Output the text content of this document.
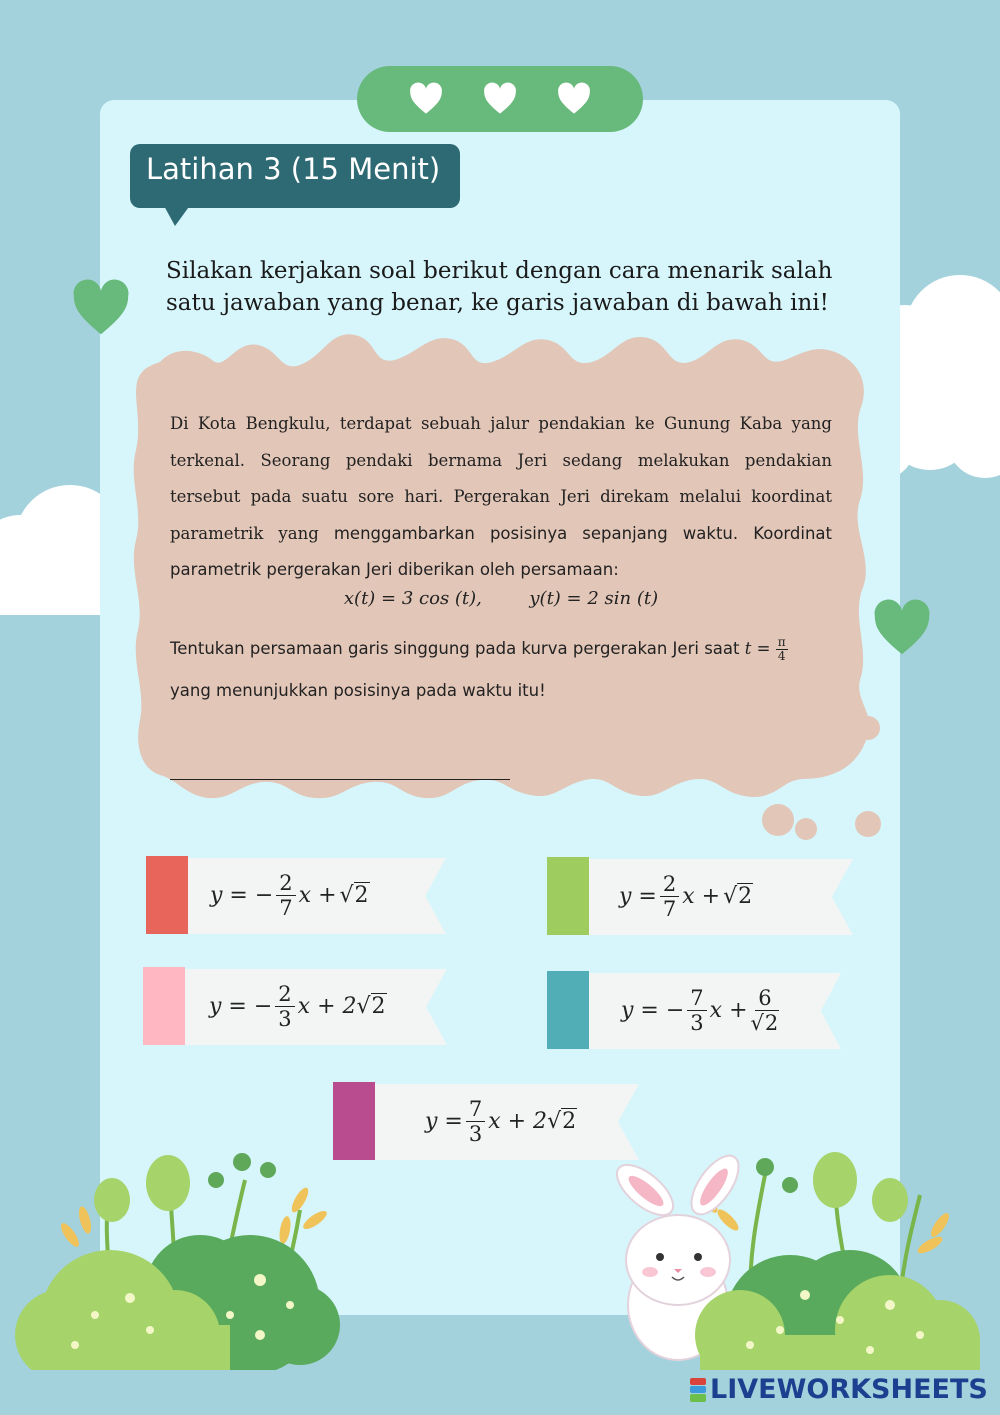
Latihan 3 (15 Menit)

Silakan kerjakan soal berikut dengan cara menarik salah satu jawaban yang benar, ke garis jawaban di bawah ini!

Di Kota Bengkulu, terdapat sebuah jalur pendakian ke Gunung Kaba yang terkenal. Seorang pendaki bernama Jeri sedang melakukan pendakian tersebut pada suatu sore hari. Pergerakan Jeri direkam melalui koordinat parametrik yang menggambarkan posisinya sepanjang waktu. Koordinat parametrik pergerakan Jeri diberikan oleh persamaan:

x(t) = 3 cos (t),	y(t) = 2 sin (t)
Tentukan persamaan garis singgung pada kurva pergerakan Jeri saat $t = \frac{\pi}{4}$
yang menunjukkan posisinya pada waktu itu!
y = − $\frac{2}{7}$ x + √2	$y = \frac{2}{7}$ x + √2
y = − $\frac{2}{3}$ x + 2 √2	y = − $\frac{7}{3}$ $x + \frac{6}{√2}$
$y = \frac{7}{3}$ x + 2 √2
LIVEWORKSHEETS
